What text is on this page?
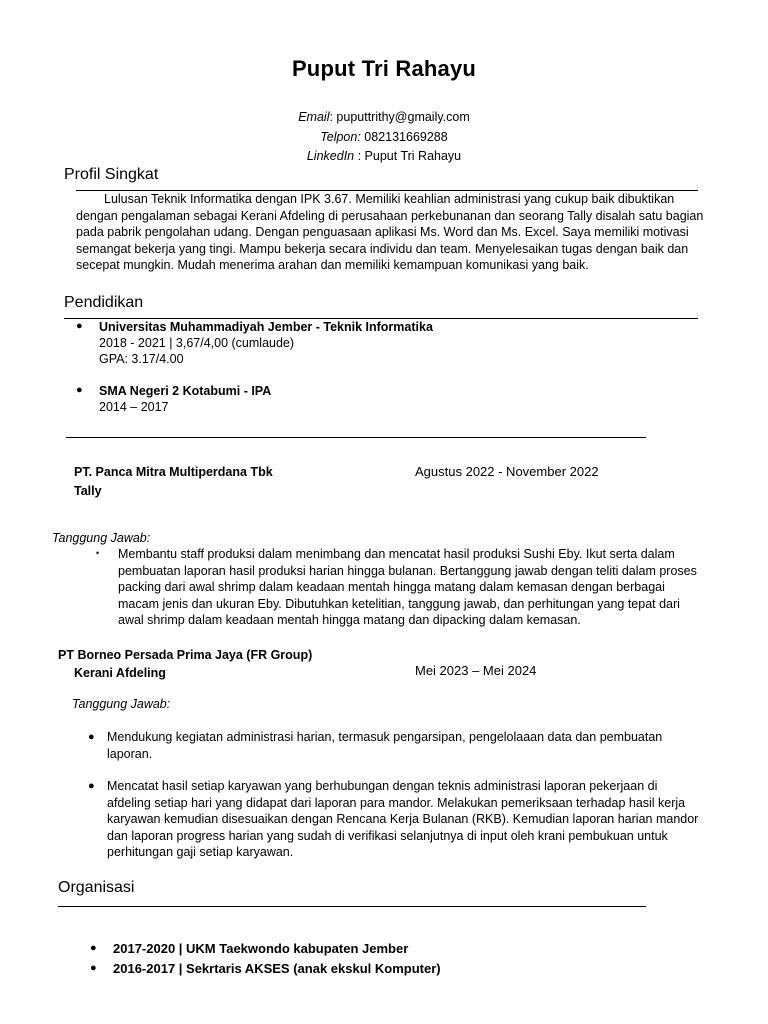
Puput Tri Rahayu
Email: puputtrithy@gmaily.com
Telpon: 082131669288
LinkedIn : Puput Tri Rahayu
Profil Singkat
Lulusan Teknik Informatika dengan IPK 3.67. Memiliki keahlian administrasi yang cukup baik dibuktikan
dengan pengalaman sebagai Kerani Afdeling di perusahaan perkebunanan dan seorang Tally disalah satu bagian
pada pabrik pengolahan udang. Dengan penguasaan aplikasi Ms. Word dan Ms. Excel. Saya memiliki motivasi
semangat bekerja yang tingi. Mampu bekerja secara individu dan team. Menyelesaikan tugas dengan baik dan
secepat mungkin. Mudah menerima arahan dan memiliki kemampuan komunikasi yang baik.
Pendidikan
● Universitas Muhammadiyah Jember - Teknik Informatika
2018 - 2021 | 3,67/4,00 (cumlaude)
GPA: 3.17/4.00
● SMA Negeri 2 Kotabumi - IPA
2014 – 2017
PT. Panca Mitra Multiperdana Tbk
Tally
Agustus 2022 - November 2022
Tanggung Jawab:
• Membantu staff produksi dalam menimbang dan mencatat hasil produksi Sushi Eby. Ikut serta dalam
pembuatan laporan hasil produksi harian hingga bulanan. Bertanggung jawab dengan teliti dalam proses
packing dari awal shrimp dalam keadaan mentah hingga matang dalam kemasan dengan berbagai
macam jenis dan ukuran Eby. Dibutuhkan ketelitian, tanggung jawab, dan perhitungan yang tepat dari
awal shrimp dalam keadaan mentah hingga matang dan dipacking dalam kemasan.
PT Borneo Persada Prima Jaya (FR Group)
Kerani Afdeling	Mei 2023 – Mei 2024
Tanggung Jawab:
● Mendukung kegiatan administrasi harian, termasuk pengarsipan, pengelolaaan data dan pembuatan
laporan.
● Mencatat hasil setiap karyawan yang berhubungan dengan teknis administrasi laporan pekerjaan di
afdeling setiap hari yang didapat dari laporan para mandor. Melakukan pemeriksaan terhadap hasil kerja
karyawan kemudian disesuaikan dengan Rencana Kerja Bulanan (RKB). Kemudian laporan harian mandor
dan laporan progress harian yang sudah di verifikasi selanjutnya di input oleh krani pembukuan untuk
perhitungan gaji setiap karyawan.
Organisasi
● 2017-2020 | UKM Taekwondo kabupaten Jember
● 2016-2017 | Sekrtaris AKSES (anak ekskul Komputer)
